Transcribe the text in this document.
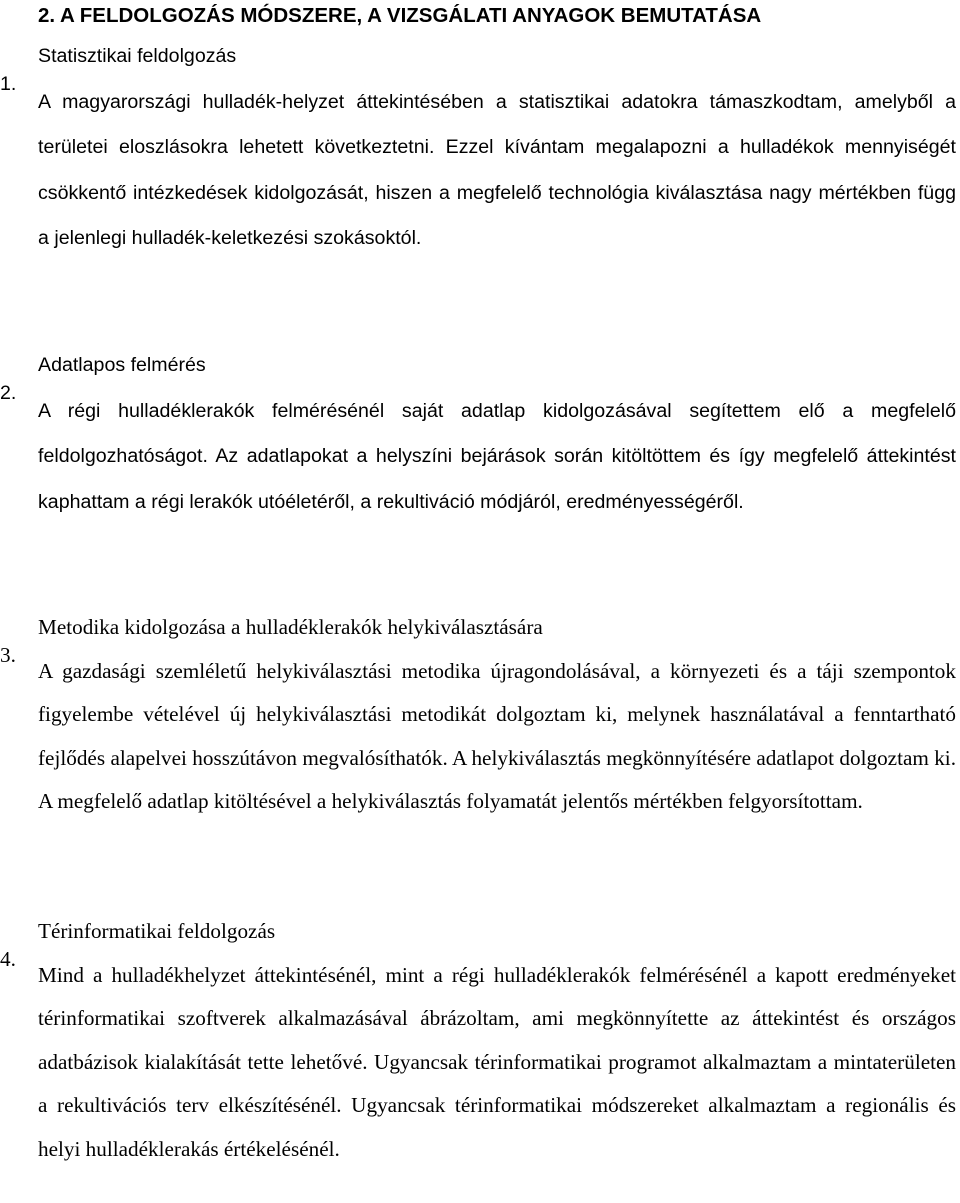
2. A FELDOLGOZÁS MÓDSZERE, A VIZSGÁLATI ANYAGOK BEMUTATÁSA
1.
Statisztikai feldolgozás

A magyarországi hulladék-helyzet áttekintésében a statisztikai adatokra támaszkodtam, amelyből a területei eloszlásokra lehetett következtetni. Ezzel kívántam megalapozni a hulladékok mennyiségét csökkentő intézkedések kidolgozását, hiszen a megfelelő technológia kiválasztása nagy mértékben függ a jelenlegi hulladék-keletkezési szokásoktól.

2.
Adatlapos felmérés

A régi hulladéklerakók felmérésénél saját adatlap kidolgozásával segítettem elő a megfelelő feldolgozhatóságot. Az adatlapokat a helyszíni bejárások során kitöltöttem és így megfelelő áttekintést kaphattam a régi lerakók utóéletéről, a rekultiváció módjáról, eredményességéről.

3.
Metodika kidolgozása a hulladéklerakók helykiválasztására

A gazdasági szemléletű helykiválasztási metodika újragondolásával, a környezeti és a táji szempontok figyelembe vételével új helykiválasztási metodikát dolgoztam ki, melynek használatával a fenntartható fejlődés alapelvei hosszútávon megvalósíthatók. A helykiválasztás megkönnyítésére adatlapot dolgoztam ki. A megfelelő adatlap kitöltésével a helykiválasztás folyamatát jelentős mértékben felgyorsítottam.

4.
Térinformatikai feldolgozás

Mind a hulladékhelyzet áttekintésénél, mint a régi hulladéklerakók felmérésénél a kapott eredményeket térinformatikai szoftverek alkalmazásával ábrázoltam, ami megkönnyítette az áttekintést és országos adatbázisok kialakítását tette lehetővé. Ugyancsak térinformatikai programot alkalmaztam a mintaterületen a rekultivációs terv elkészítésénél. Ugyancsak térinformatikai módszereket alkalmaztam a regionális és helyi hulladéklerakás értékelésénél.
